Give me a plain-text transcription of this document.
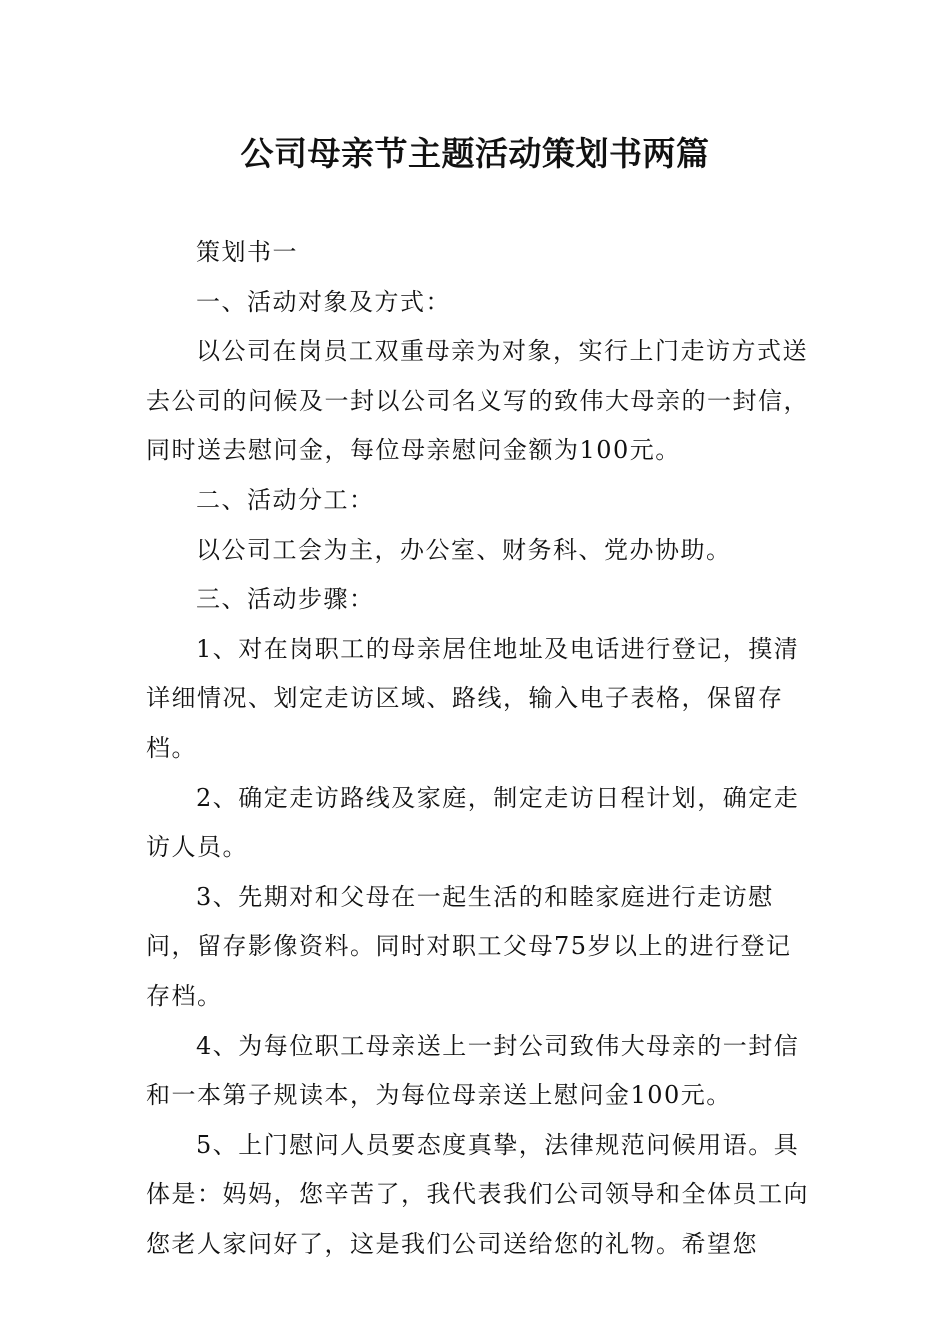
公司母亲节主题活动策划书两篇

策划书一

一、活动对象及方式：

以公司在岗员工双重母亲为对象，实行上门走访方式送去公司的问候及一封以公司名义写的致伟大母亲的一封信，同时送去慰问金，每位母亲慰问金额为100元。

二、活动分工：

以公司工会为主，办公室、财务科、党办协助。

三、活动步骤：

1、对在岗职工的母亲居住地址及电话进行登记，摸清详细情况、划定走访区域、路线，输入电子表格，保留存档。

2、确定走访路线及家庭，制定走访日程计划，确定走访人员。

3、先期对和父母在一起生活的和睦家庭进行走访慰问，留存影像资料。同时对职工父母75岁以上的进行登记存档。

4、为每位职工母亲送上一封公司致伟大母亲的一封信和一本第子规读本，为每位母亲送上慰问金100元。

5、上门慰问人员要态度真挚，法律规范问候用语。具体是：妈妈，您辛苦了，我代表我们公司领导和全体员工向您老人家问好了，这是我们公司送给您的礼物。希望您
